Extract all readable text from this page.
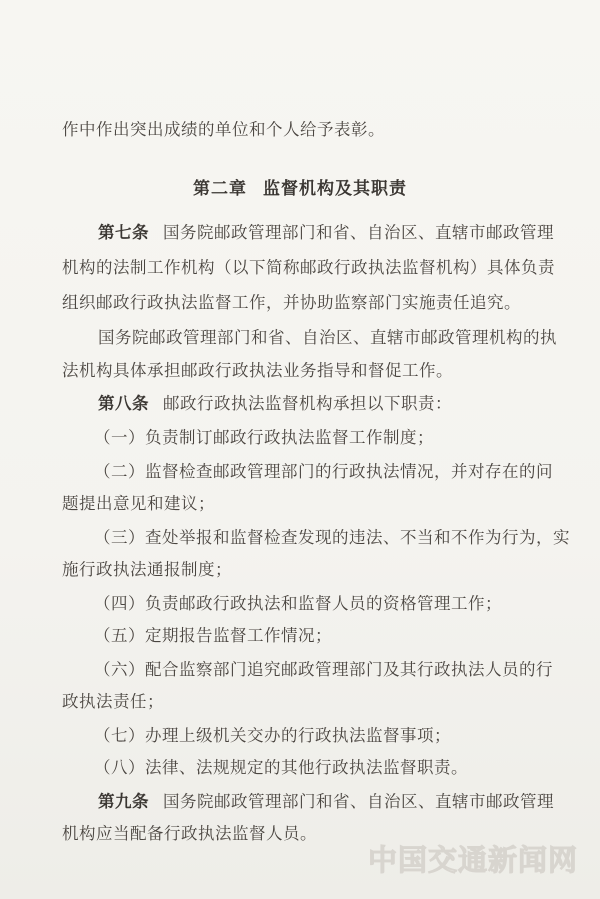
作中作出突出成绩的单位和个人给予表彰。
第二章 监督机构及其职责
第七条 国务院邮政管理部门和省、自治区、直辖市邮政管理
机构的法制工作机构（以下简称邮政行政执法监督机构）具体负责
组织邮政行政执法监督工作，并协助监察部门实施责任追究。
国务院邮政管理部门和省、自治区、直辖市邮政管理机构的执
法机构具体承担邮政行政执法业务指导和督促工作。
第八条 邮政行政执法监督机构承担以下职责：
（一）负责制订邮政行政执法监督工作制度；
（二）监督检查邮政管理部门的行政执法情况，并对存在的问
题提出意见和建议；
（三）查处举报和监督检查发现的违法、不当和不作为行为，实
施行政执法通报制度；
（四）负责邮政行政执法和监督人员的资格管理工作；
（五）定期报告监督工作情况；
（六）配合监察部门追究邮政管理部门及其行政执法人员的行
政执法责任；
（七）办理上级机关交办的行政执法监督事项；
（八）法律、法规规定的其他行政执法监督职责。
第九条 国务院邮政管理部门和省、自治区、直辖市邮政管理
机构应当配备行政执法监督人员。
中国交通新闻网
